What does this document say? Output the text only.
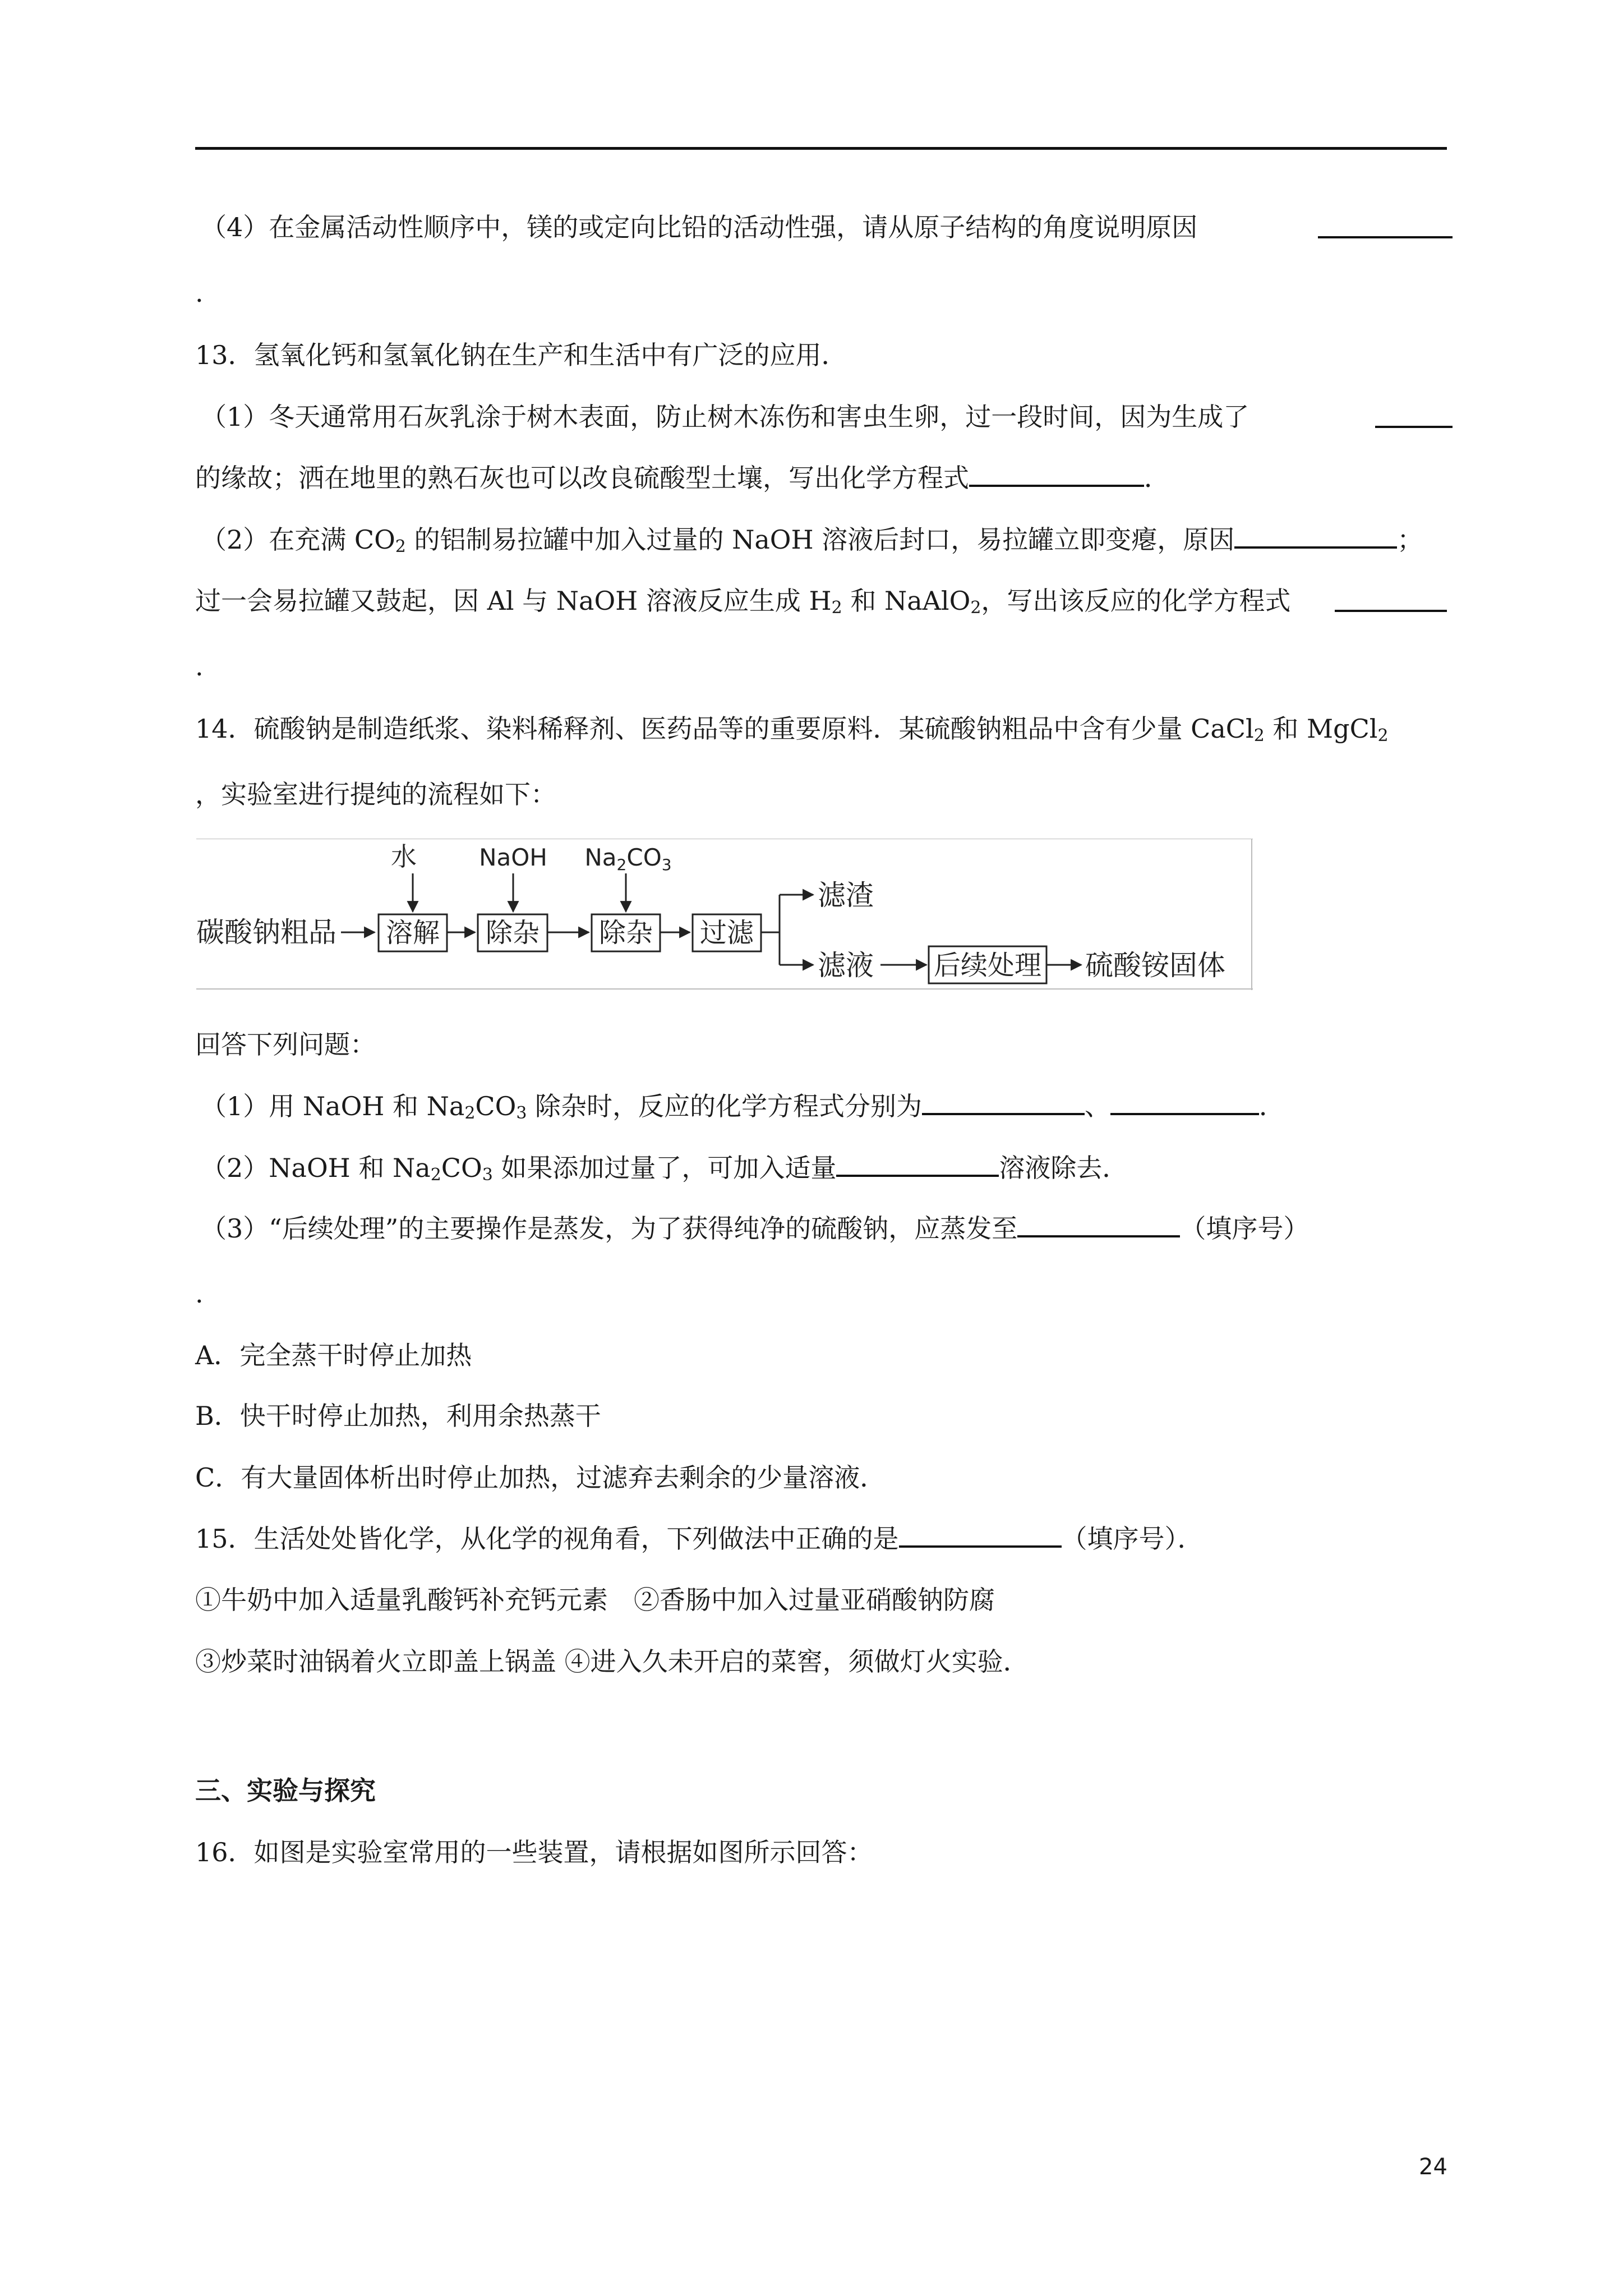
（4）在金属活动性顺序中，镁的或定向比铅的活动性强，请从原子结构的角度说明原因
.
13．氢氧化钙和氢氧化钠在生产和生活中有广泛的应用．
（1）冬天通常用石灰乳涂于树木表面，防止树木冻伤和害虫生卵，过一段时间，因为生成了
的缘故；洒在地里的熟石灰也可以改良硫酸型土壤，写出化学方程式	．
（2）在充满 $CO_2$ 的铝制易拉罐中加入过量的 NaOH 溶液后封口，易拉罐立即变瘪，原因	；
过一会易拉罐又鼓起，因 Al 与 NaOH 溶液反应生成 $H_2$ 和 NaAlO$_2$，写出该反应的化学方程式
.
14．硫酸钠是制造纸浆、染料稀释剂、医药品等的重要原料．某硫酸钠粗品中含有少量 CaCl$_2$ 和 MgCl$_2$
，实验室进行提纯的流程如下：
碳酸钠粗品
水
溶解
NaOH
除杂
Na2CO3
除杂 过滤
滤渣
滤液 后续处理 硫酸铵固体
回答下列问题：
（1）用 NaOH 和 $Na_2CO_3$ 除杂时，反应的化学方程式分别为	、	．
（2）NaOH 和 $Na_2CO_3$ 如果添加过量了，可加入适量	溶液除去．
（3）“后续处理”的主要操作是蒸发，为了获得纯净的硫酸钠，应蒸发至	（填序号）
.
A．完全蒸干时停止加热
B．快干时停止加热，利用余热蒸干
C．有大量固体析出时停止加热，过滤弃去剩余的少量溶液．
15．生活处处皆化学，从化学的视角看，下列做法中正确的是	（填序号）．
①牛奶中加入适量乳酸钙补充钙元素　②香肠中加入过量亚硝酸钠防腐
③炒菜时油锅着火立即盖上锅盖 ④进入久未开启的菜窖，须做灯火实验．
三、实验与探究
16．如图是实验室常用的一些装置，请根据如图所示回答：
24
